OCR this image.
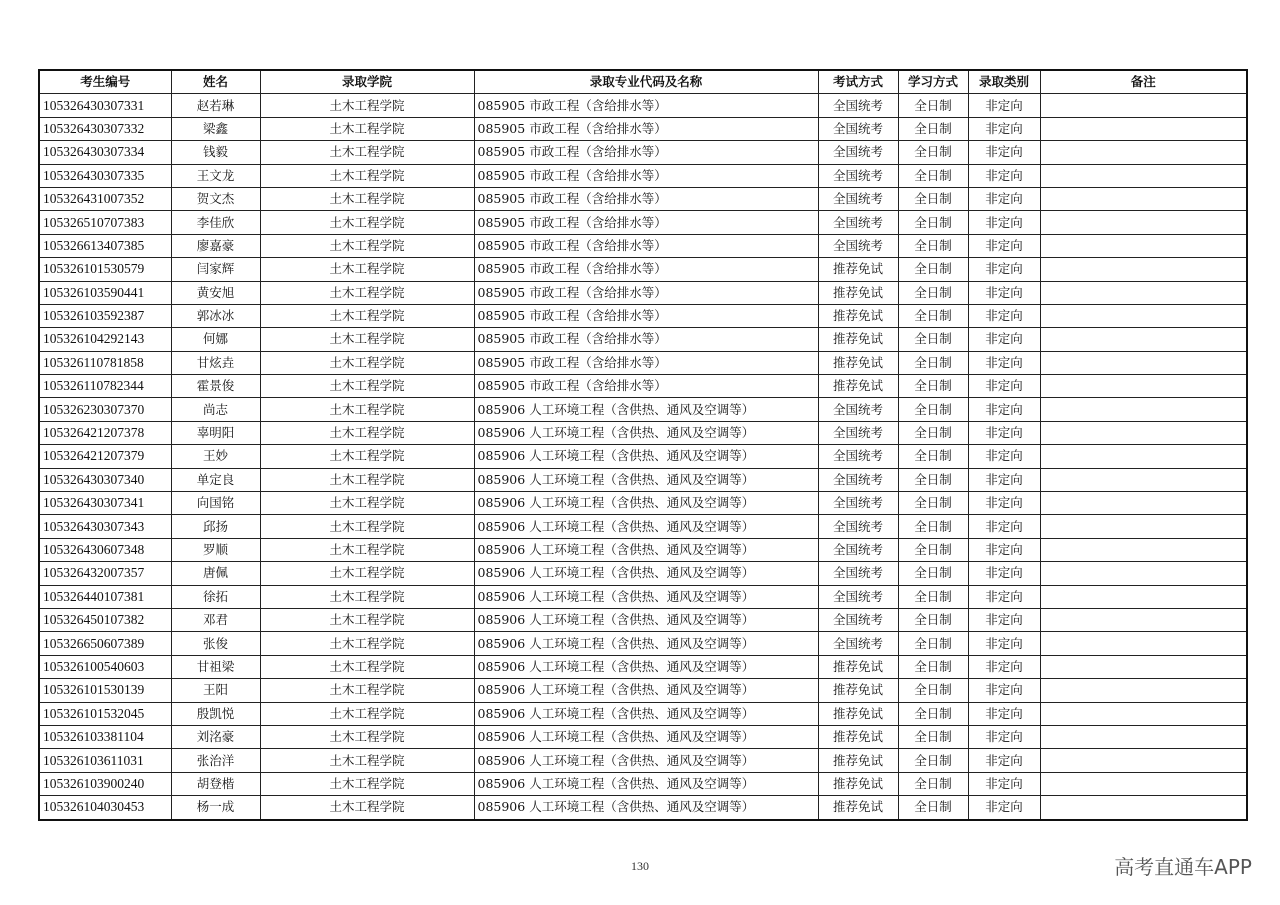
考生编号	姓名	录取学院	录取专业代码及名称	考试方式	学习方式	录取类别	备注
105326430307331	赵若琳	土木工程学院	085905 市政工程（含给排水等）	全国统考	全日制	非定向	
105326430307332	梁鑫	土木工程学院	085905 市政工程（含给排水等）	全国统考	全日制	非定向	
105326430307334	钱毅	土木工程学院	085905 市政工程（含给排水等）	全国统考	全日制	非定向	
105326430307335	王文龙	土木工程学院	085905 市政工程（含给排水等）	全国统考	全日制	非定向	
105326431007352	贺文杰	土木工程学院	085905 市政工程（含给排水等）	全国统考	全日制	非定向	
105326510707383	李佳欣	土木工程学院	085905 市政工程（含给排水等）	全国统考	全日制	非定向	
105326613407385	廖嘉豪	土木工程学院	085905 市政工程（含给排水等）	全国统考	全日制	非定向	
105326101530579	闫家辉	土木工程学院	085905 市政工程（含给排水等）	推荐免试	全日制	非定向	
105326103590441	黄安旭	土木工程学院	085905 市政工程（含给排水等）	推荐免试	全日制	非定向	
105326103592387	郭冰冰	土木工程学院	085905 市政工程（含给排水等）	推荐免试	全日制	非定向	
105326104292143	何娜	土木工程学院	085905 市政工程（含给排水等）	推荐免试	全日制	非定向	
105326110781858	甘炫垚	土木工程学院	085905 市政工程（含给排水等）	推荐免试	全日制	非定向	
105326110782344	霍景俊	土木工程学院	085905 市政工程（含给排水等）	推荐免试	全日制	非定向	
105326230307370	尚志	土木工程学院	085906 人工环境工程（含供热、通风及空调等）	全国统考	全日制	非定向	
105326421207378	辜明阳	土木工程学院	085906 人工环境工程（含供热、通风及空调等）	全国统考	全日制	非定向	
105326421207379	王妙	土木工程学院	085906 人工环境工程（含供热、通风及空调等）	全国统考	全日制	非定向	
105326430307340	单定良	土木工程学院	085906 人工环境工程（含供热、通风及空调等）	全国统考	全日制	非定向	
105326430307341	向国铭	土木工程学院	085906 人工环境工程（含供热、通风及空调等）	全国统考	全日制	非定向	
105326430307343	邱扬	土木工程学院	085906 人工环境工程（含供热、通风及空调等）	全国统考	全日制	非定向	
105326430607348	罗顺	土木工程学院	085906 人工环境工程（含供热、通风及空调等）	全国统考	全日制	非定向	
105326432007357	唐佩	土木工程学院	085906 人工环境工程（含供热、通风及空调等）	全国统考	全日制	非定向	
105326440107381	徐拓	土木工程学院	085906 人工环境工程（含供热、通风及空调等）	全国统考	全日制	非定向	
105326450107382	邓君	土木工程学院	085906 人工环境工程（含供热、通风及空调等）	全国统考	全日制	非定向	
105326650607389	张俊	土木工程学院	085906 人工环境工程（含供热、通风及空调等）	全国统考	全日制	非定向	
105326100540603	甘祖梁	土木工程学院	085906 人工环境工程（含供热、通风及空调等）	推荐免试	全日制	非定向	
105326101530139	王阳	土木工程学院	085906 人工环境工程（含供热、通风及空调等）	推荐免试	全日制	非定向	
105326101532045	殷凯悦	土木工程学院	085906 人工环境工程（含供热、通风及空调等）	推荐免试	全日制	非定向	
105326103381104	刘洺豪	土木工程学院	085906 人工环境工程（含供热、通风及空调等）	推荐免试	全日制	非定向	
105326103611031	张治洋	土木工程学院	085906 人工环境工程（含供热、通风及空调等）	推荐免试	全日制	非定向	
105326103900240	胡登楷	土木工程学院	085906 人工环境工程（含供热、通风及空调等）	推荐免试	全日制	非定向	
105326104030453	杨一成	土木工程学院	085906 人工环境工程（含供热、通风及空调等）	推荐免试	全日制	非定向	
130	高考直通车APP
